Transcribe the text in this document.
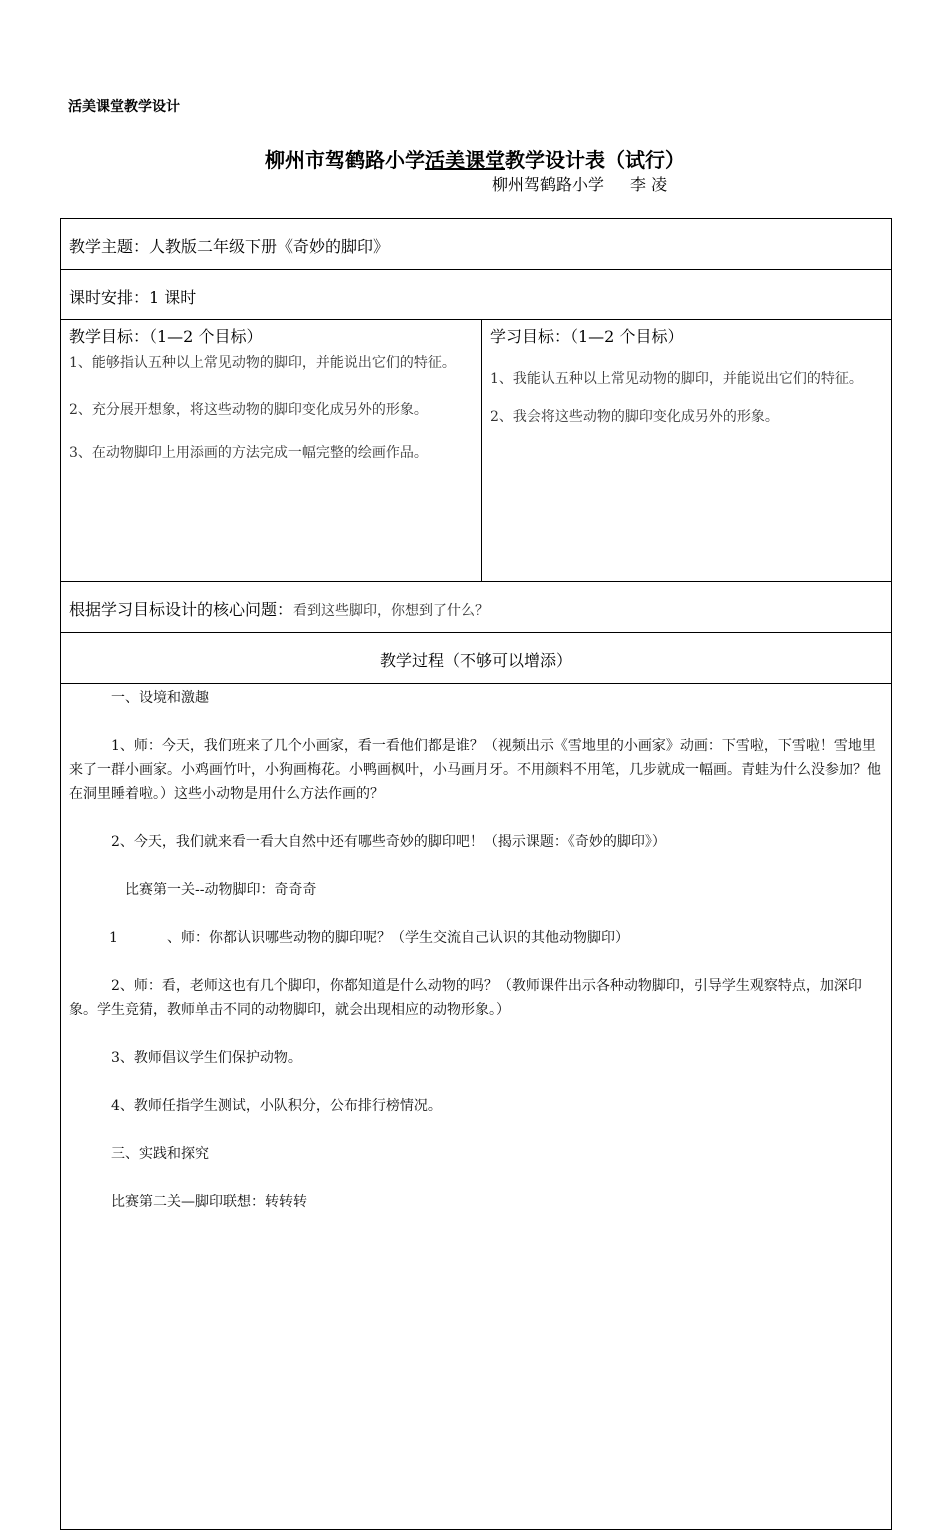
活美课堂教学设计
柳州市驾鹤路小学活美课堂教学设计表（试行）
柳州驾鹤路小学 李 凌
教学主题：人教版二年级下册《奇妙的脚印》

课时安排：1 课时

教学目标：（1—2 个目标）
1、能够指认五种以上常见动物的脚印，并能说出它们的特征。
2、充分展开想象，将这些动物的脚印变化成另外的形象。
3、在动物脚印上用添画的方法完成一幅完整的绘画作品。

学习目标：（1—2 个目标）
1、我能认五种以上常见动物的脚印，并能说出它们的特征。
2、我会将这些动物的脚印变化成另外的形象。

根据学习目标设计的核心问题：看到这些脚印，你想到了什么？

教学过程（不够可以增添）

一、设境和激趣

1、师：今天，我们班来了几个小画家，看一看他们都是谁？（视频出示《雪地里的小画家》动画：下雪啦，下雪啦！雪地里来了一群小画家。小鸡画竹叶，小狗画梅花。小鸭画枫叶，小马画月牙。不用颜料不用笔，几步就成一幅画。青蛙为什么没参加？他在洞里睡着啦。）这些小动物是用什么方法作画的？

2、今天，我们就来看一看大自然中还有哪些奇妙的脚印吧！（揭示课题：《奇妙的脚印》）

比赛第一关--动物脚印：奇奇奇

1	、师：你都认识哪些动物的脚印呢？（学生交流自己认识的其他动物脚印）

2、师：看，老师这也有几个脚印，你都知道是什么动物的吗？（教师课件出示各种动物脚印，引导学生观察特点，加深印象。学生竞猜，教师单击不同的动物脚印，就会出现相应的动物形象。）

3、教师倡议学生们保护动物。

4、教师任指学生测试，小队积分，公布排行榜情况。

三、实践和探究

比赛第二关—脚印联想：转转转
